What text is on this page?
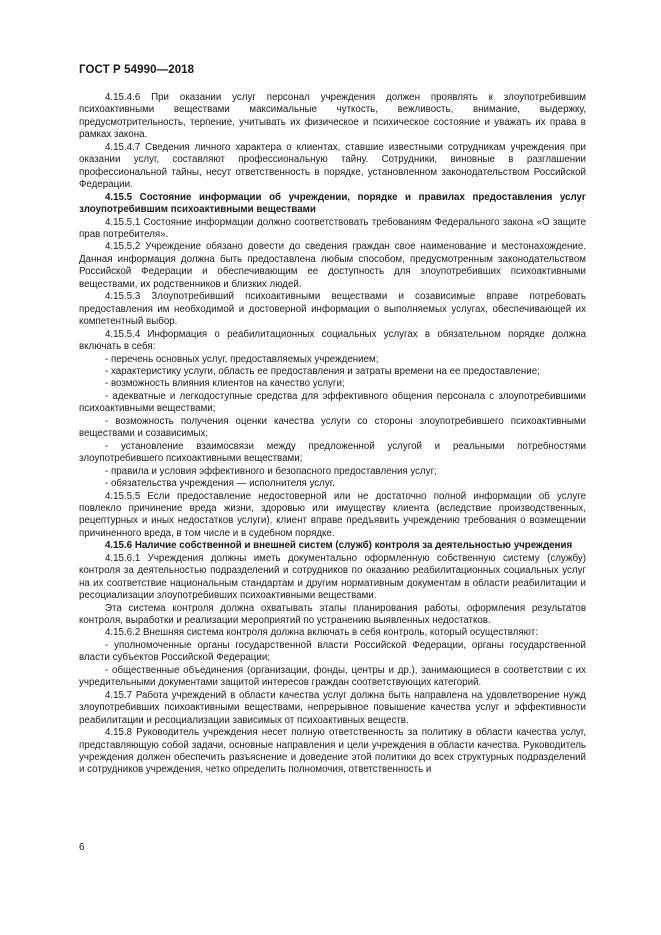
ГОСТ Р 54990—2018

4.15.4.6 При оказании услуг персонал учреждения должен проявлять к злоупотребившим психоактивными веществами максимальные чуткость, вежливость, внимание, выдержку, предусмотрительность, терпение, учитывать их физическое и психическое состояние и уважать их права в рамках закона.

4.15.4.7 Сведения личного характера о клиентах, ставшие известными сотрудникам учреждения при оказании услуг, составляют профессиональную тайну. Сотрудники, виновные в разглашении профессиональной тайны, несут ответственность в порядке, установленном законодательством Российской Федерации.

4.15.5 Состояние информации об учреждении, порядке и правилах предоставления услуг злоупотребившим психоактивными веществами

4.15.5.1 Состояние информации должно соответствовать требованиям Федерального закона «О защите прав потребителя».

4.15.5.2 Учреждение обязано довести до сведения граждан свое наименование и местонахождение. Данная информация должна быть предоставлена любым способом, предусмотренным законодательством Российской Федерации и обеспечивающим ее доступность для злоупотребивших психоактивными веществами, их родственников и близких людей.

4.15.5.3 Злоупотребивший психоактивными веществами и созависимые вправе потребовать предоставления им необходимой и достоверной информации о выполняемых услугах, обеспечивающей их компетентный выбор.

4.15.5.4 Информация о реабилитационных социальных услугах в обязательном порядке должна включать в себя:

- перечень основных услуг, предоставляемых учреждением;

- характеристику услуги, область ее предоставления и затраты времени на ее предоставление;

- возможность влияния клиентов на качество услуги;

- адекватные и легкодоступные средства для эффективного общения персонала с злоупотребившими психоактивными веществами;

- возможность получения оценки качества услуги со стороны злоупотребившего психоактивными веществами и созависимых;

- установление взаимосвязи между предложенной услугой и реальными потребностями злоупотребившего психоактивными веществами;

- правила и условия эффективного и безопасного предоставления услуг;

- обязательства учреждения — исполнителя услуг.

4.15.5.5 Если предоставление недостоверной или не достаточно полной информации об услуге повлекло причинение вреда жизни, здоровью или имуществу клиента (вследствие производственных, рецептурных и иных недостатков услуги), клиент вправе предъявить учреждению требования о возмещении причиненного вреда, в том числе и в судебном порядке.

4.15.6 Наличие собственной и внешней систем (служб) контроля за деятельностью учреждения

4.15.6.1 Учреждения должны иметь документально оформленную собственную систему (службу) контроля за деятельностью подразделений и сотрудников по оказанию реабилитационных социальных услуг на их соответствие национальным стандартам и другим нормативным документам в области реабилитации и ресоциализации злоупотребивших психоактивными веществами.

Эта система контроля должна охватывать этапы планирования работы, оформления результатов контроля, выработки и реализации мероприятий по устранению выявленных недостатков.

4.15.6.2 Внешняя система контроля должна включать в себя контроль, который осуществляют:

- уполномоченные органы государственной власти Российской Федерации, органы государственной власти субъектов Российской Федерации;

- общественные объединения (организации, фонды, центры и др.), занимающиеся в соответствии с их учредительными документами защитой интересов граждан соответствующих категорий.

4.15.7 Работа учреждений в области качества услуг должна быть направлена на удовлетворение нужд злоупотребивших психоактивными веществами, непрерывное повышение качества услуг и эффективности реабилитации и ресоциализации зависимых от психоактивных веществ.

4.15.8 Руководитель учреждения несет полную ответственность за политику в области качества услуг, представляющую собой задачи, основные направления и цели учреждения в области качества. Руководитель учреждения должен обеспечить разъяснение и доведение этой политики до всех структурных подразделений и сотрудников учреждения, четко определить полномочия, ответственность и

6
